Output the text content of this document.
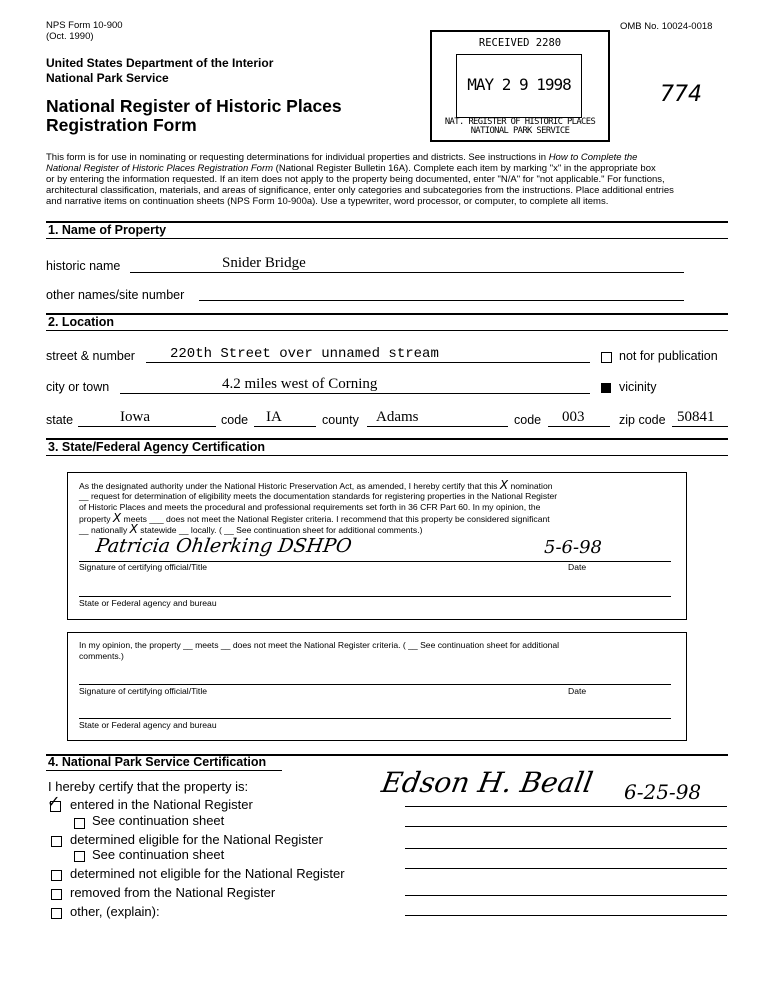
NPS Form 10-900
(Oct. 1990)
OMB No. 10024-0018
United States Department of the Interior
National Park Service
National Register of Historic Places
Registration Form
774
RECEIVED 2280
MAY 2 9 1998
NAT. REGISTER OF HISTORIC PLACES
NATIONAL PARK SERVICE
This form is for use in nominating or requesting determinations for individual properties and districts. See instructions in How to Complete the
National Register of Historic Places Registration Form (National Register Bulletin 16A). Complete each item by marking "x" in the appropriate box
or by entering the information requested. If an item does not apply to the property being documented, enter "N/A" for "not applicable." For functions,
architectural classification, materials, and areas of significance, enter only categories and subcategories from the instructions. Place additional entries
and narrative items on continuation sheets (NPS Form 10-900a). Use a typewriter, word processor, or computer, to complete all items.
1. Name of Property
historic name	Snider Bridge
other names/site number
2. Location
street & number	220th Street over unnamed stream	not for publication
city or town	4.2 miles west of Corning	vicinity
state	Iowa	code IA	county Adams	code 003	zip code 50841
3. State/Federal Agency Certification
As the designated authority under the National Historic Preservation Act, as amended, I hereby certify that this X nomination
__ request for determination of eligibility meets the documentation standards for registering properties in the National Register
of Historic Places and meets the procedural and professional requirements set forth in 36 CFR Part 60. In my opinion, the
property X meets ___ does not meet the National Register criteria. I recommend that this property be considered significant
__ nationally X statewide __ locally. ( __ See continuation sheet for additional comments.)
Patricia Ohlerking DSHPO	5-6-98
Signature of certifying official/Title	Date
State or Federal agency and bureau
In my opinion, the property __ meets __ does not meet the National Register criteria. ( __ See continuation sheet for additional
comments.)
Signature of certifying official/Title	Date
State or Federal agency and bureau
4. National Park Service Certification
I hereby certify that the property is:
✓ entered in the National Register
See continuation sheet
determined eligible for the National Register
See continuation sheet
determined not eligible for the National Register
removed from the National Register
other, (explain):
Edson H. Beall 6-25-98
